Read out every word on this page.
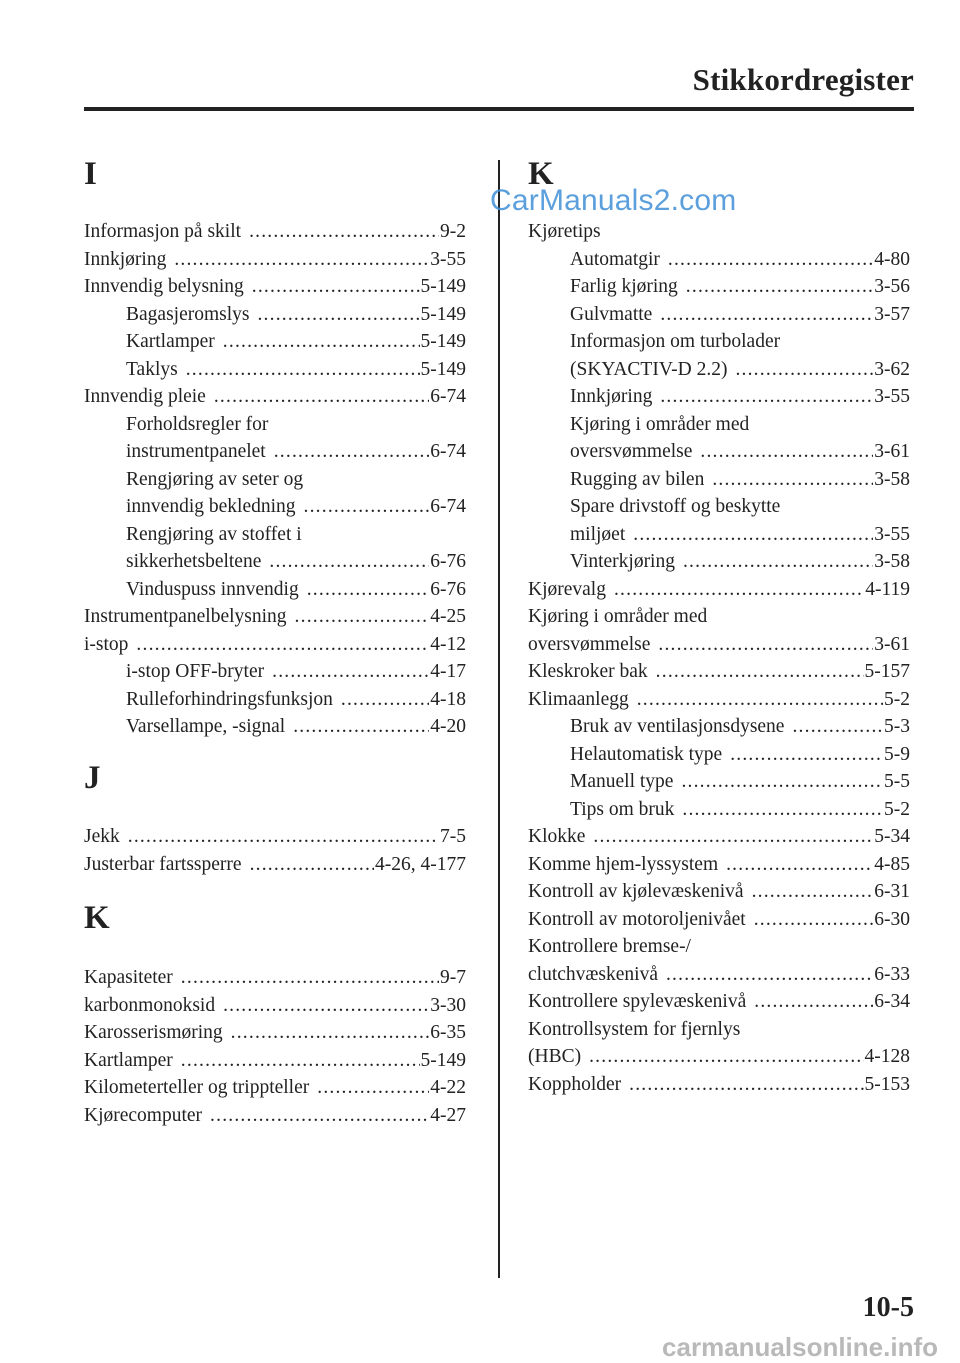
Stikkordregister
I
Informasjon på skilt .....	9-2
Innkjøring .....	3-55
Innvendig belysning .....	5-149
Bagasjeromslys .....	5-149
Kartlamper .....	5-149
Taklys .....	5-149
Innvendig pleie .....	6-74
Forholdsregler for
instrumentpanelet .....	6-74
Rengjøring av seter og
innvendig bekledning .....	6-74
Rengjøring av stoffet i
sikkerhetsbeltene .....	6-76
Vinduspuss innvendig .....	6-76
Instrumentpanelbelysning .....	4-25
i-stop .....	4-12
i-stop OFF-bryter .....	4-17
Rulleforhindringsfunksjon .....	4-18
Varsellampe, -signal .....	4-20
J
Jekk .....	7-5
Justerbar fartssperre .....	4-26, 4-177
K
Kapasiteter .....	9-7
karbonmonoksid .....	3-30
Karosserismøring .....	6-35
Kartlamper .....	5-149
Kilometerteller og trippteller .....	4-22
Kjørecomputer .....	4-27
K
Kjøretips
Automatgir .....	4-80
Farlig kjøring .....	3-56
Gulvmatte .....	3-57
Informasjon om turbolader
(SKYACTIV-D 2.2) .....	3-62
Innkjøring .....	3-55
Kjøring i områder med
oversvømmelse .....	3-61
Rugging av bilen .....	3-58
Spare drivstoff og beskytte
miljøet .....	3-55
Vinterkjøring .....	3-58
Kjørevalg .....	4-119
Kjøring i områder med
oversvømmelse .....	3-61
Kleskroker bak .....	5-157
Klimaanlegg .....	5-2
Bruk av ventilasjonsdysene .....	5-3
Helautomatisk type .....	5-9
Manuell type .....	5-5
Tips om bruk .....	5-2
Klokke .....	5-34
Komme hjem-lyssystem .....	4-85
Kontroll av kjølevæskenivå .....	6-31
Kontroll av motoroljenivået .....	6-30
Kontrollere bremse-/
clutchvæskenivå .....	6-33
Kontrollere spylevæskenivå .....	6-34
Kontrollsystem for fjernlys
(HBC) .....	4-128
Koppholder .....	5-153
CarManuals2.com
10-5
carmanualsonline.info
